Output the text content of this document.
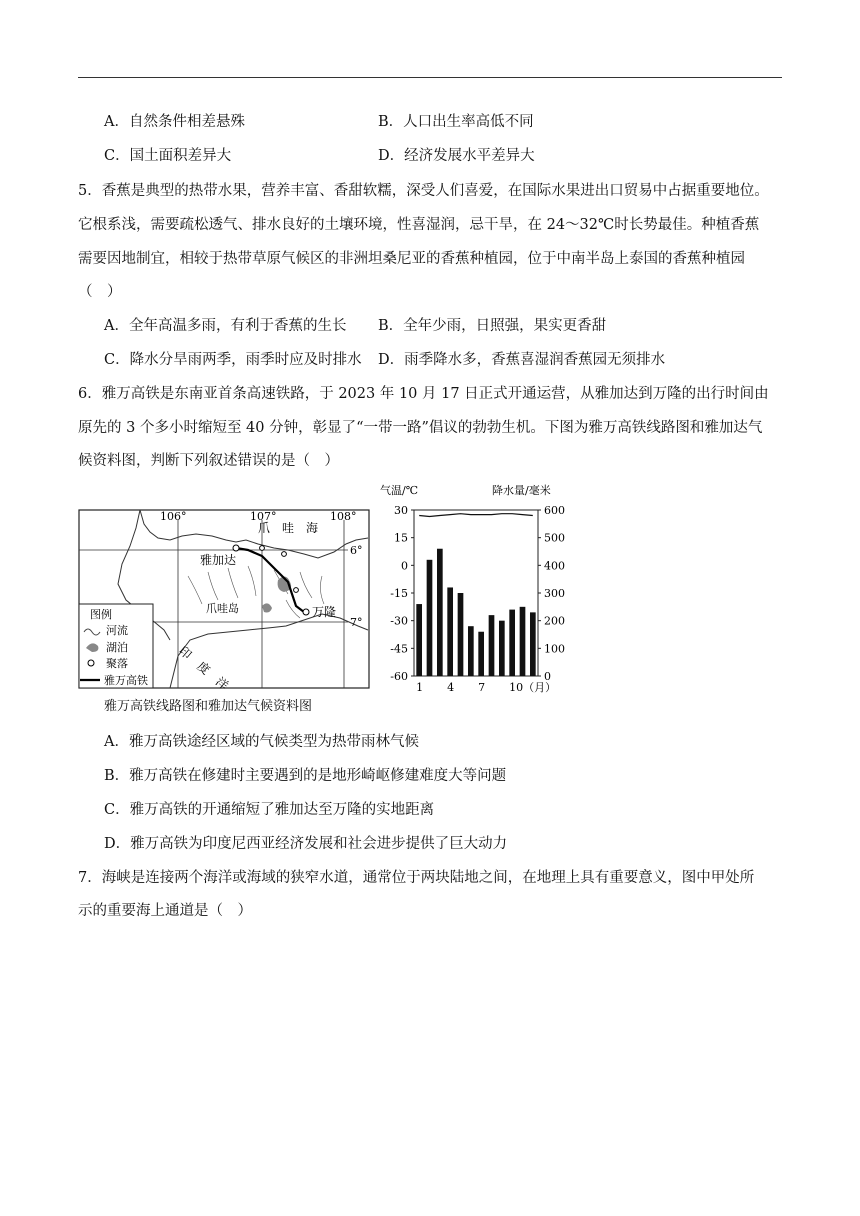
A．自然条件相差悬殊	B．人口出生率高低不同
C．国土面积差异大	D．经济发展水平差异大
5．香蕉是典型的热带水果，营养丰富、香甜软糯，深受人们喜爱，在国际水果进出口贸易中占据重要地位。
它根系浅，需要疏松透气、排水良好的土壤环境，性喜湿润，忌干旱，在 24～32℃时长势最佳。种植香蕉
需要因地制宜，相较于热带草原气候区的非洲坦桑尼亚的香蕉种植园，位于中南半岛上泰国的香蕉种植园
（　）
A．全年高温多雨，有利于香蕉的生长 B．全年少雨，日照强，果实更香甜
C．降水分旱雨两季，雨季时应及时排水 D．雨季降水多，香蕉喜湿润香蕉园无须排水
6．雅万高铁是东南亚首条高速铁路，于 2023 年 10 月 17 日正式开通运营，从雅加达到万隆的出行时间由
原先的 3 个多小时缩短至 40 分钟，彰显了“一带一路”倡议的勃勃生机。下图为雅万高铁线路图和雅加达气
候资料图，判断下列叙述错误的是（　）
106°	107°	108°
6°
7°
爪　哇　海
雅加达
万隆
爪哇岛
印　度　洋
图例
河流
湖泊
聚落
雅万高铁
气温/℃	降水量/毫米
30
15
0
-15
-30
-45
-60
600
500
400
300
200
100
0
1 4 7 10（月）
雅万高铁线路图和雅加达气候资料图
A．雅万高铁途经区域的气候类型为热带雨林气候
B．雅万高铁在修建时主要遇到的是地形崎岖修建难度大等问题
C．雅万高铁的开通缩短了雅加达至万隆的实地距离
D．雅万高铁为印度尼西亚经济发展和社会进步提供了巨大动力
7．海峡是连接两个海洋或海域的狭窄水道，通常位于两块陆地之间，在地理上具有重要意义，图中甲处所
示的重要海上通道是（　）
